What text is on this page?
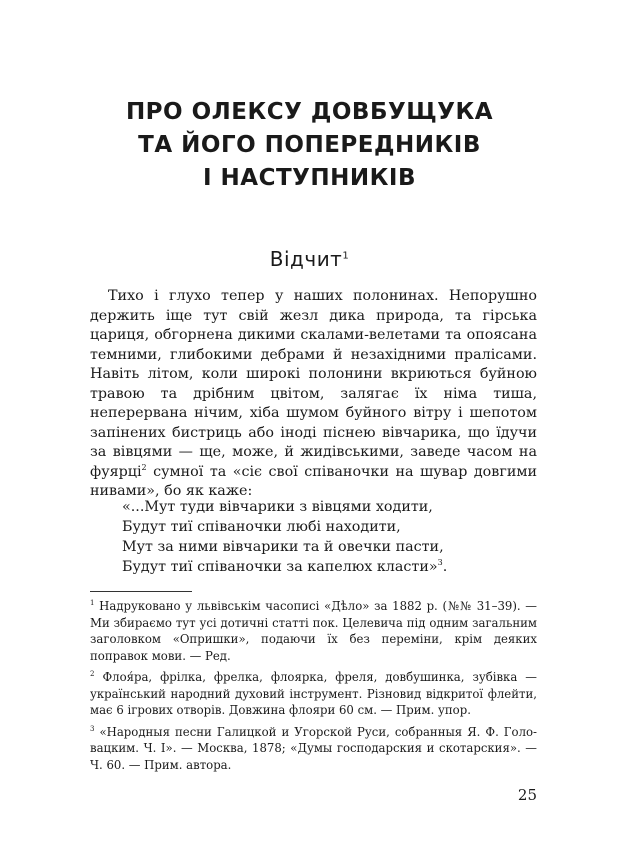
ПРО ОЛЕКСУ ДОВБУЩУКА
ТА ЙОГО ПОПЕРЕДНИКІВ
І НАСТУПНИКІВ
Відчит$^1$

Тихо і глухо тепер у наших полонинах. Непорушно держить іще тут свій жезл дика природа, та гірська цариця, обгорнена дикими скалами-велетами та опоясана темними, глибокими дебрами й незахідними пралісами. Навіть літом, коли широкі полонини вкриються буйною травою та дрібним цвітом, залягає їх німа тиша, неперервана нічим, хіба шумом буйного вітру і шепотом запінених бистриць або іноді піснею вівчарика, що їдучи за вівцями — ще, може, й жидівськими, заведе часом на фуярці$^2$ сумної та «сіє свої співаночки на шувар довгими нивами», бо як каже:

«...Мут туди вівчарики з вівцями ходити,
Будут тиї співаночки любі находити,
Мут за ними вівчарики та й овечки пасти,
Будут тиї співаночки за капелюх класти»$^3$.

$^1$ Надруковано у львівськім часописі «Дѣло» за 1882 р. (№№ 31–39). — Ми збираємо тут усі дотичні статті пок. Целевича під одним загальним заголовком «Опришки», подаючи їх без переміни, крім деяких поправок мови. — Ред.

$^2$ Флоя́ра, фрілка, фрелка, флоярка, фреля, довбушинка, зубівка — український народний духовий інструмент. Різновид відкритої флейти, має 6 ігрових отворів. Довжина флояри 60 см. — Прим. упор.

$^3$ «Народныя песни Галицкой и Угорской Руси, собранныя Я. Ф. Головацким. Ч. I». — Москва, 1878; «Думы господарския и скотарския». — Ч. 60. — Прим. автора.

25
